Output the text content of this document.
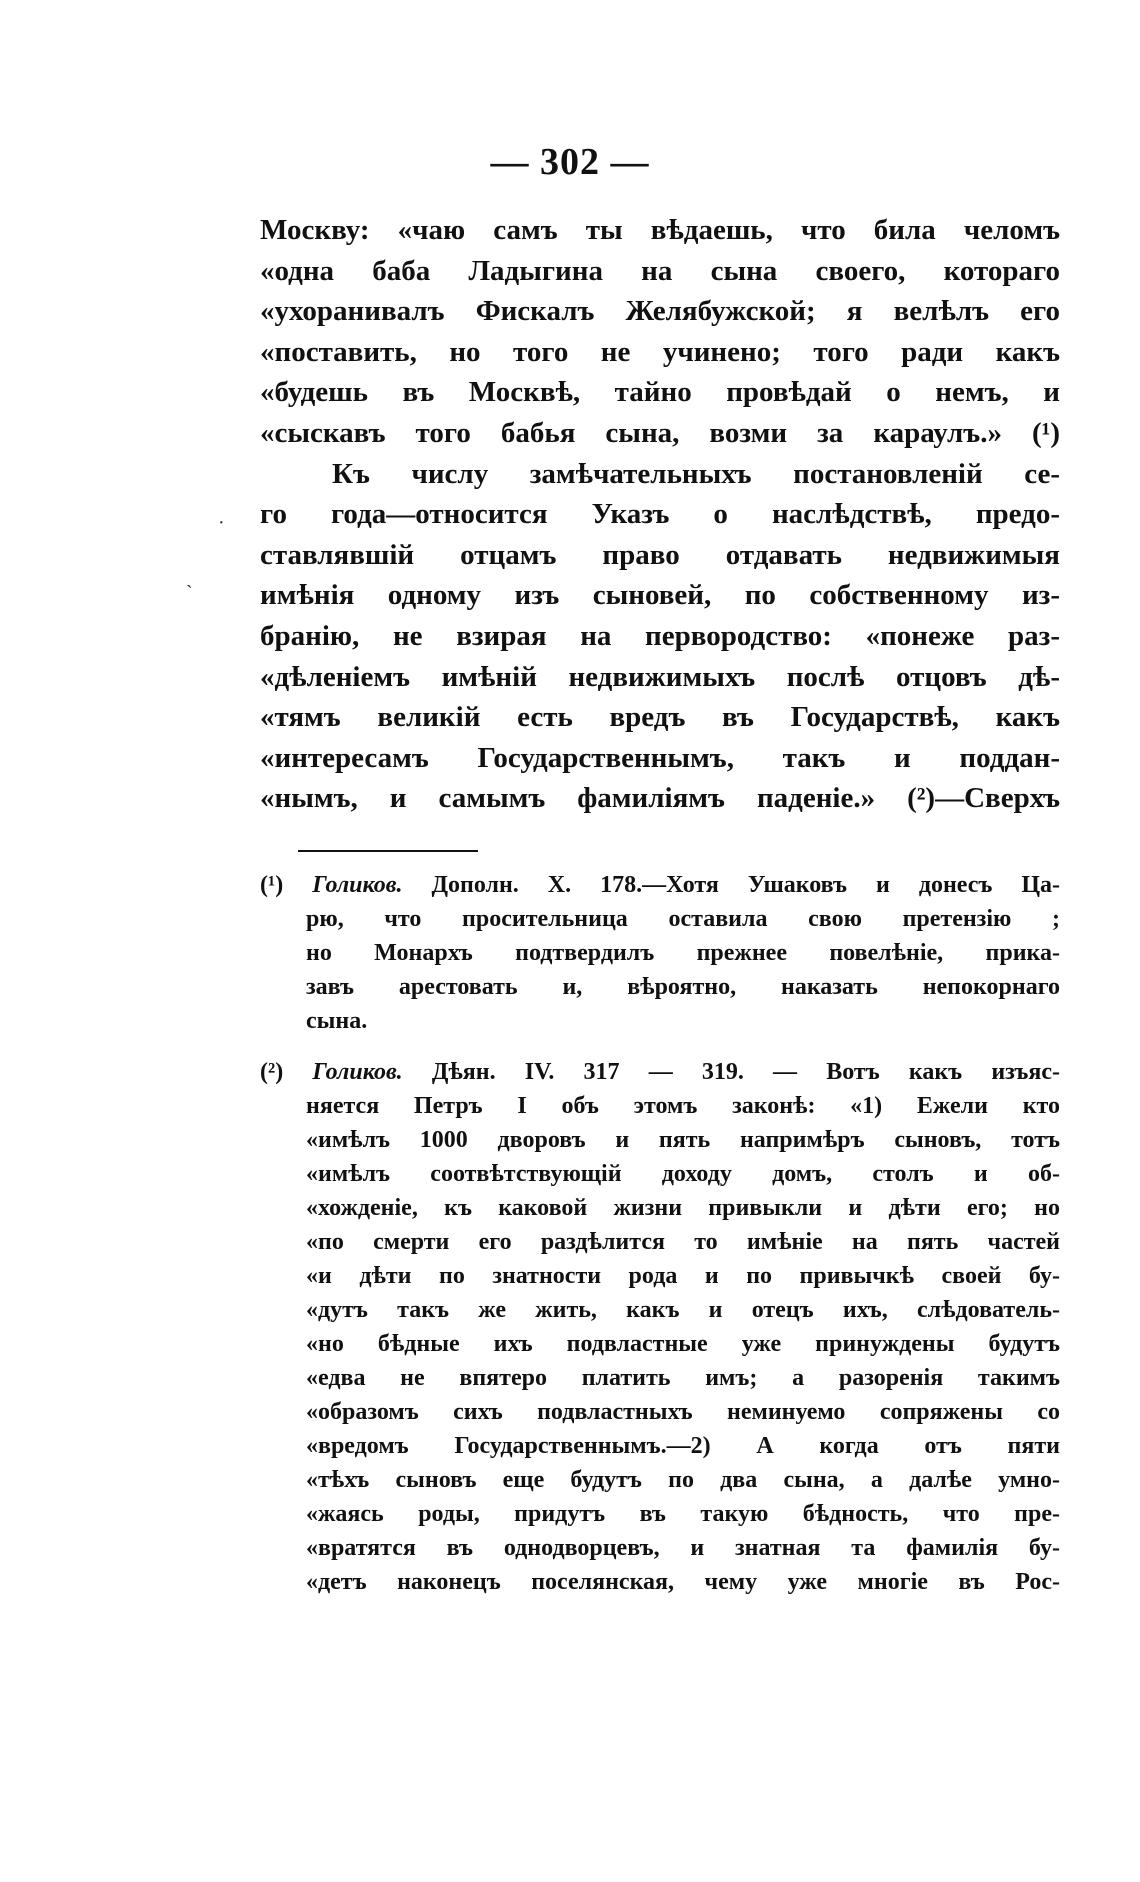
— 302 —
·
ˋ
Москву: «чаю самъ ты вѣдаешь, что била челомъ
«одна баба Ладыгина на сына своего, котораго
«ухоранивалъ Фискалъ Желябужской; я велѣлъ его
«поставить, но того не учинено; того ради какъ
«будешь въ Москвѣ, тайно провѣдай о немъ, и
«сыскавъ того бабья сына, возми за караулъ.» (¹)
Къ числу замѣчательныхъ постановленій се-
го года—относится Указъ о наслѣдствѣ, предо-
ставлявшій отцамъ право отдавать недвижимыя
имѣнія одному изъ сыновей, по собственному из-
бранію, не взирая на первородство: «понеже раз-
«дѣленіемъ имѣній недвижимыхъ послѣ отцовъ дѣ-
«тямъ великій есть вредъ въ Государствѣ, какъ
«интересамъ Государственнымъ, такъ и поддан-
«нымъ, и самымъ фамиліямъ паденіе.» (²)—Сверхъ
(¹) Голиков. Дополн. X. 178.—Хотя Ушаковъ и донесъ Ца-
рю, что просительница оставила свою претензію ;
но Монархъ подтвердилъ прежнее повелѣніе, прика-
завъ арестовать и, вѣроятно, наказать непокорнаго
сына.
(²) Голиков. Дѣян. IV. 317 — 319. — Вотъ какъ изъяс-
няется Петръ I объ этомъ законѣ: «1) Ежели кто
«имѣлъ 1000 дворовъ и пять напримѣръ сыновъ, тотъ
«имѣлъ соотвѣтствующій доходу домъ, столъ и об-
«хожденіе, къ каковой жизни привыкли и дѣти его; но
«по смерти его раздѣлится то имѣніе на пять частей
«и дѣти по знатности рода и по привычкѣ своей бу-
«дутъ такъ же жить, какъ и отецъ ихъ, слѣдователь-
«но бѣдные ихъ подвластные уже принуждены будутъ
«едва не впятеро платить имъ; а разоренія такимъ
«образомъ сихъ подвластныхъ неминуемо сопряжены со
«вредомъ Государственнымъ.—2) А когда отъ пяти
«тѣхъ сыновъ еще будутъ по два сына, а далѣе умно-
«жаясь роды, придутъ въ такую бѣдность, что пре-
«вратятся въ однодворцевъ, и знатная та фамилія бу-
«детъ наконецъ поселянская, чему уже многіе въ Рос-
